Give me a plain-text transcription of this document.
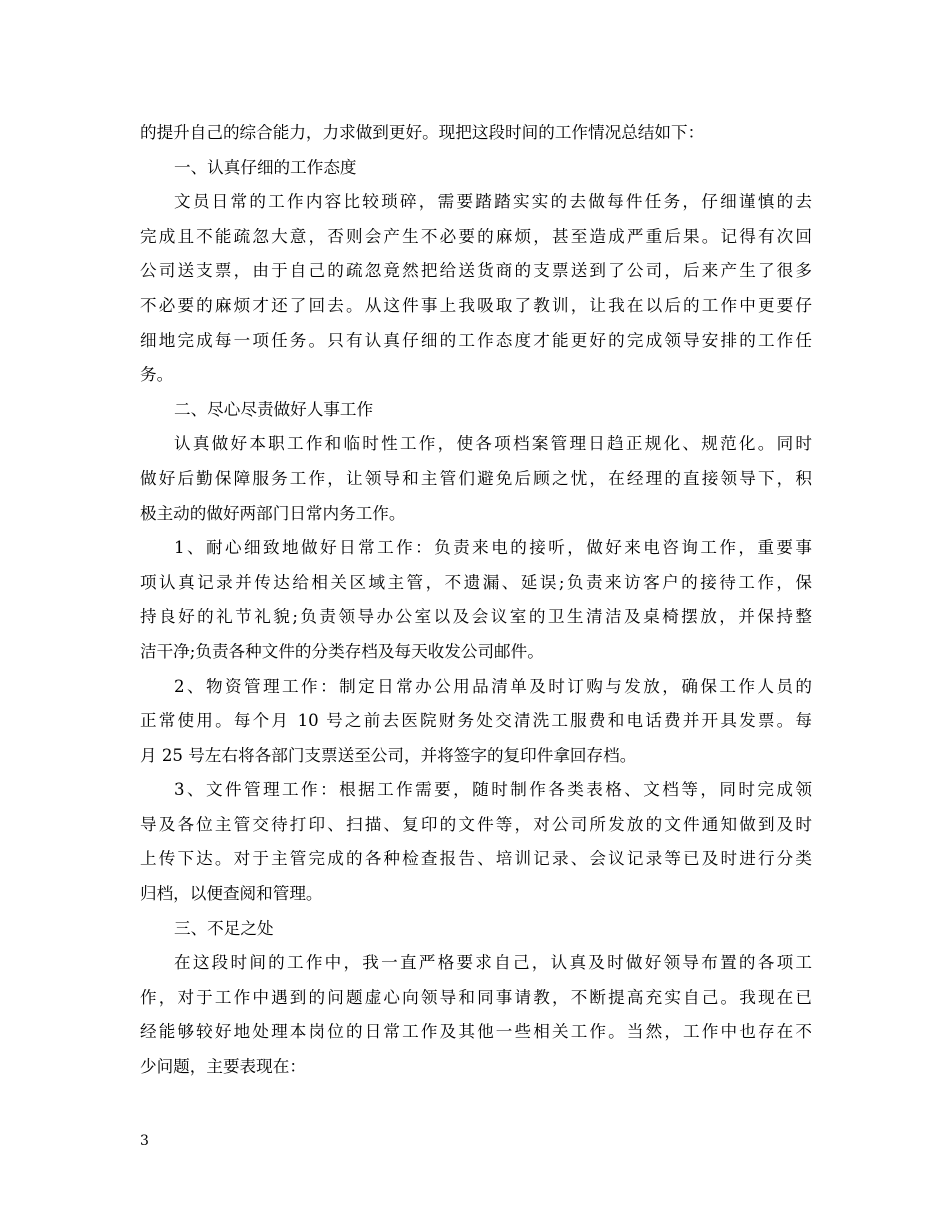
的提升自己的综合能力，力求做到更好。现把这段时间的工作情况总结如下：
一、认真仔细的工作态度
文员日常的工作内容比较琐碎，需要踏踏实实的去做每件任务，仔细谨慎的去
完成且不能疏忽大意，否则会产生不必要的麻烦，甚至造成严重后果。记得有次回
公司送支票，由于自己的疏忽竟然把给送货商的支票送到了公司，后来产生了很多
不必要的麻烦才还了回去。从这件事上我吸取了教训，让我在以后的工作中更要仔
细地完成每一项任务。只有认真仔细的工作态度才能更好的完成领导安排的工作任
务。
二、尽心尽责做好人事工作
认真做好本职工作和临时性工作，使各项档案管理日趋正规化、规范化。同时
做好后勤保障服务工作，让领导和主管们避免后顾之忧，在经理的直接领导下，积
极主动的做好两部门日常内务工作。
1、耐心细致地做好日常工作：负责来电的接听，做好来电咨询工作，重要事
项认真记录并传达给相关区域主管，不遗漏、延误;负责来访客户的接待工作，保
持良好的礼节礼貌;负责领导办公室以及会议室的卫生清洁及桌椅摆放，并保持整
洁干净;负责各种文件的分类存档及每天收发公司邮件。
2、物资管理工作：制定日常办公用品清单及时订购与发放，确保工作人员的
正常使用。每个月 10 号之前去医院财务处交清洗工服费和电话费并开具发票。每
月 25 号左右将各部门支票送至公司，并将签字的复印件拿回存档。
3、文件管理工作：根据工作需要，随时制作各类表格、文档等，同时完成领
导及各位主管交待打印、扫描、复印的文件等，对公司所发放的文件通知做到及时
上传下达。对于主管完成的各种检查报告、培训记录、会议记录等已及时进行分类
归档，以便查阅和管理。
三、不足之处
在这段时间的工作中，我一直严格要求自己，认真及时做好领导布置的各项工
作，对于工作中遇到的问题虚心向领导和同事请教，不断提高充实自己。我现在已
经能够较好地处理本岗位的日常工作及其他一些相关工作。当然，工作中也存在不
少问题，主要表现在：
3
